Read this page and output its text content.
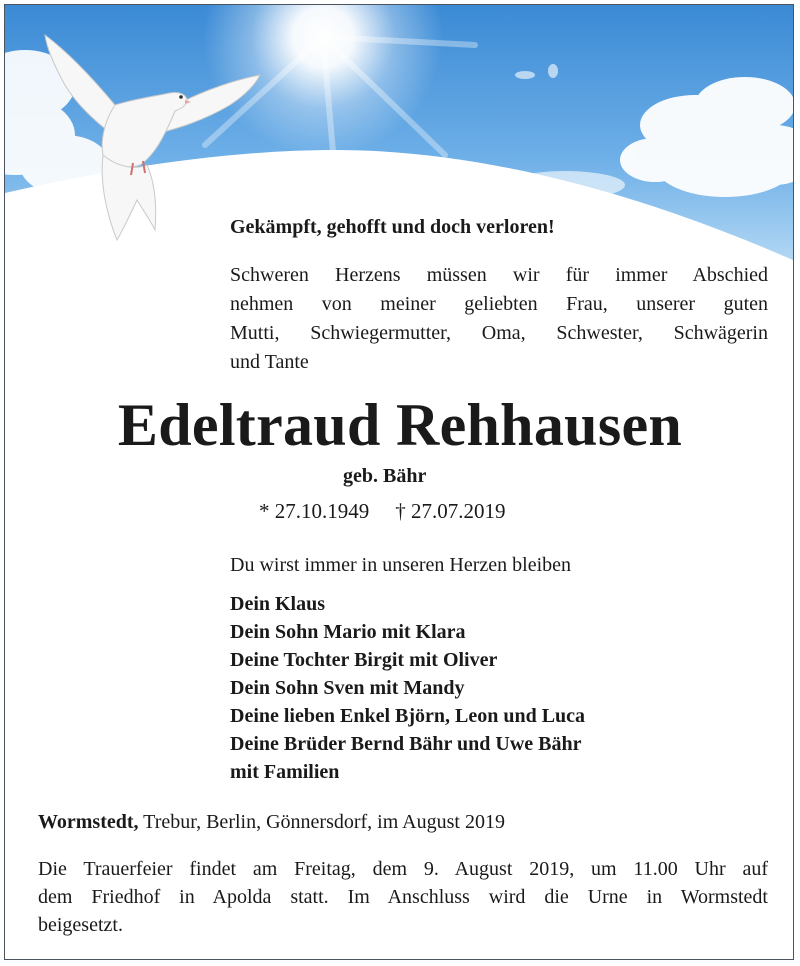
Gekämpft, gehofft und doch verloren!

Schweren Herzens müssen wir für immer Abschied
nehmen von meiner geliebten Frau, unserer guten
Mutti, Schwiegermutter, Oma, Schwester, Schwägerin
und Tante

Edeltraud Rehhausen

geb. Bähr

* 27.10.1949 † 27.07.2019

Du wirst immer in unseren Herzen bleiben

Dein Klaus
Dein Sohn Mario mit Klara
Deine Tochter Birgit mit Oliver
Dein Sohn Sven mit Mandy
Deine lieben Enkel Björn, Leon und Luca
Deine Brüder Bernd Bähr und Uwe Bähr
mit Familien

Wormstedt, Trebur, Berlin, Gönnersdorf, im August 2019

Die Trauerfeier findet am Freitag, dem 9. August 2019, um 11.00 Uhr auf
dem Friedhof in Apolda statt. Im Anschluss wird die Urne in Wormstedt
beigesetzt.
